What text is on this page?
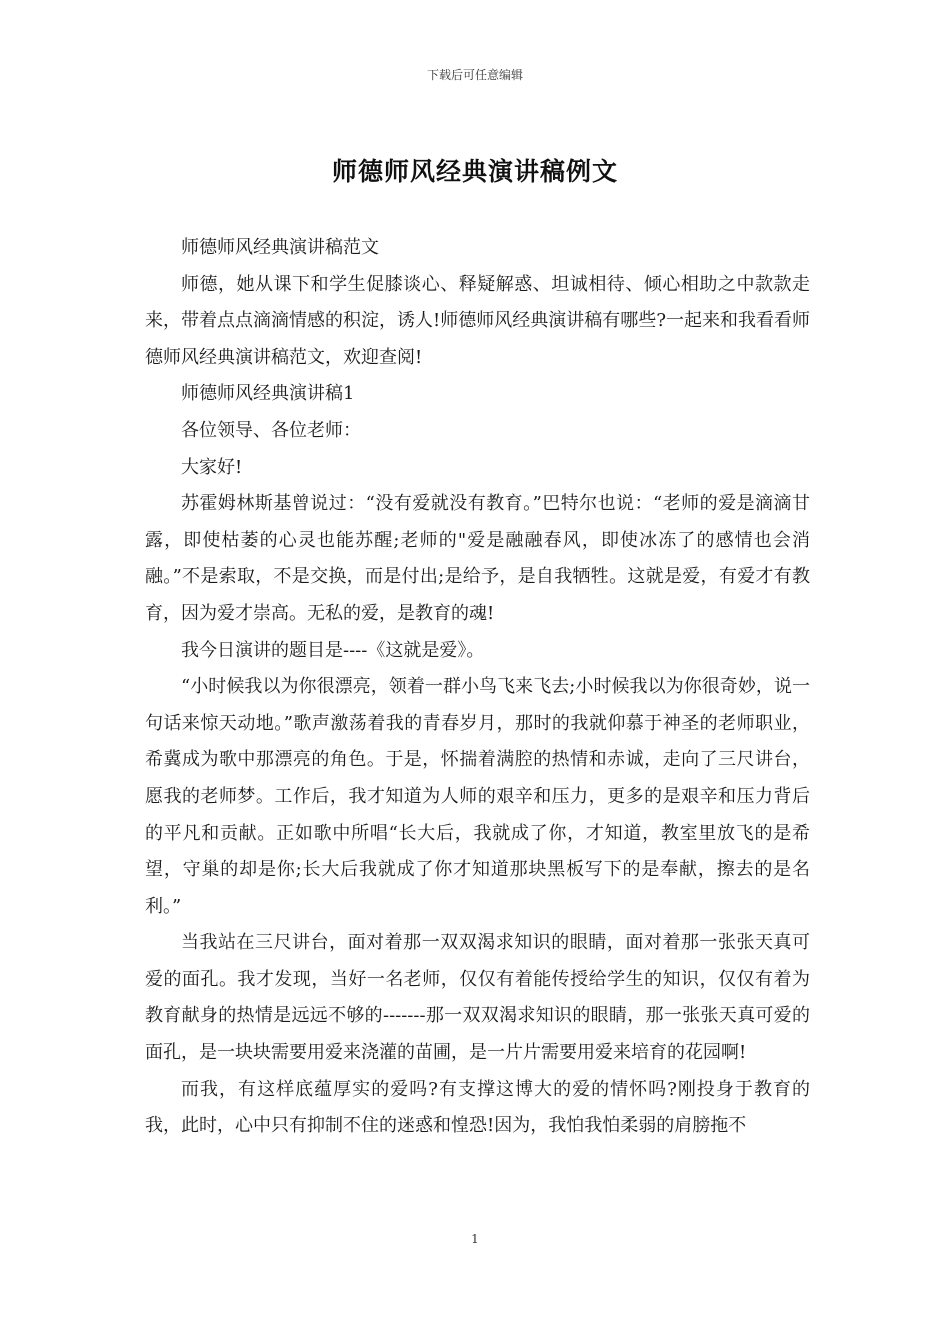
下载后可任意编辑
师德师风经典演讲稿例文

师德师风经典演讲稿范文

师德，她从课下和学生促膝谈心、释疑解惑、坦诚相待、倾心相助之中款款走来，带着点点滴滴情感的积淀，诱人!师德师风经典演讲稿有哪些?一起来和我看看师德师风经典演讲稿范文，欢迎查阅!

师德师风经典演讲稿1

各位领导、各位老师：

大家好!

苏霍姆林斯基曾说过：“没有爱就没有教育。”巴特尔也说：“老师的爱是滴滴甘露，即使枯萎的心灵也能苏醒;老师的"爱是融融春风，即使冰冻了的感情也会消融。”不是索取，不是交换，而是付出;是给予，是自我牺牲。这就是爱，有爱才有教育，因为爱才崇高。无私的爱，是教育的魂!

我今日演讲的题目是----《这就是爱》。

“小时候我以为你很漂亮，领着一群小鸟飞来飞去;小时候我以为你很奇妙，说一句话来惊天动地。”歌声激荡着我的青春岁月，那时的我就仰慕于神圣的老师职业，希冀成为歌中那漂亮的角色。于是，怀揣着满腔的热情和赤诚，走向了三尺讲台，愿我的老师梦。工作后，我才知道为人师的艰辛和压力，更多的是艰辛和压力背后的平凡和贡献。正如歌中所唱“长大后，我就成了你，才知道，教室里放飞的是希望，守巢的却是你;长大后我就成了你才知道那块黑板写下的是奉献，擦去的是名利。”

当我站在三尺讲台，面对着那一双双渴求知识的眼睛，面对着那一张张天真可爱的面孔。我才发现，当好一名老师，仅仅有着能传授给学生的知识，仅仅有着为教育献身的热情是远远不够的-------那一双双渴求知识的眼睛，那一张张天真可爱的面孔，是一块块需要用爱来浇灌的苗圃，是一片片需要用爱来培育的花园啊!

而我，有这样底蕴厚实的爱吗?有支撑这博大的爱的情怀吗?刚投身于教育的我，此时，心中只有抑制不住的迷惑和惶恐!因为，我怕我怕柔弱的肩膀拖不

1
